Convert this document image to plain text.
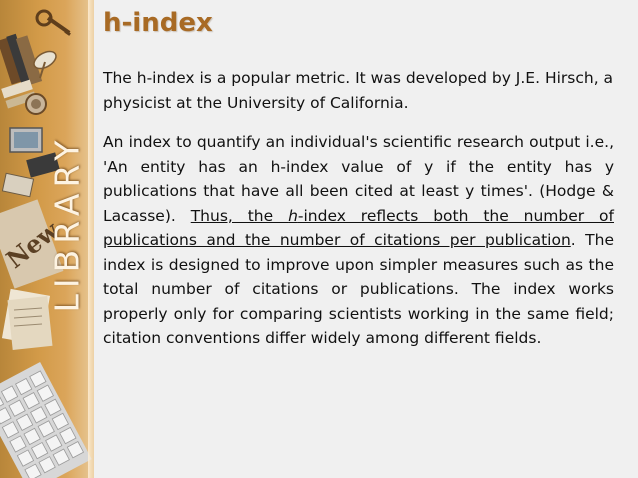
New
LIBRARY
h-index

The h-index is a popular metric. It was developed by J.E. Hirsch, a physicist at the University of California.

An index to quantify an individual's scientific research output i.e., 'An entity has an h-index value of y if the entity has y publications that have all been cited at least y times'. (Hodge & Lacasse). Thus, the h-index reflects both the number of publications and the number of citations per publication. The index is designed to improve upon simpler measures such as the total number of citations or publications. The index works properly only for comparing scientists working in the same field; citation conventions differ widely among different fields.
